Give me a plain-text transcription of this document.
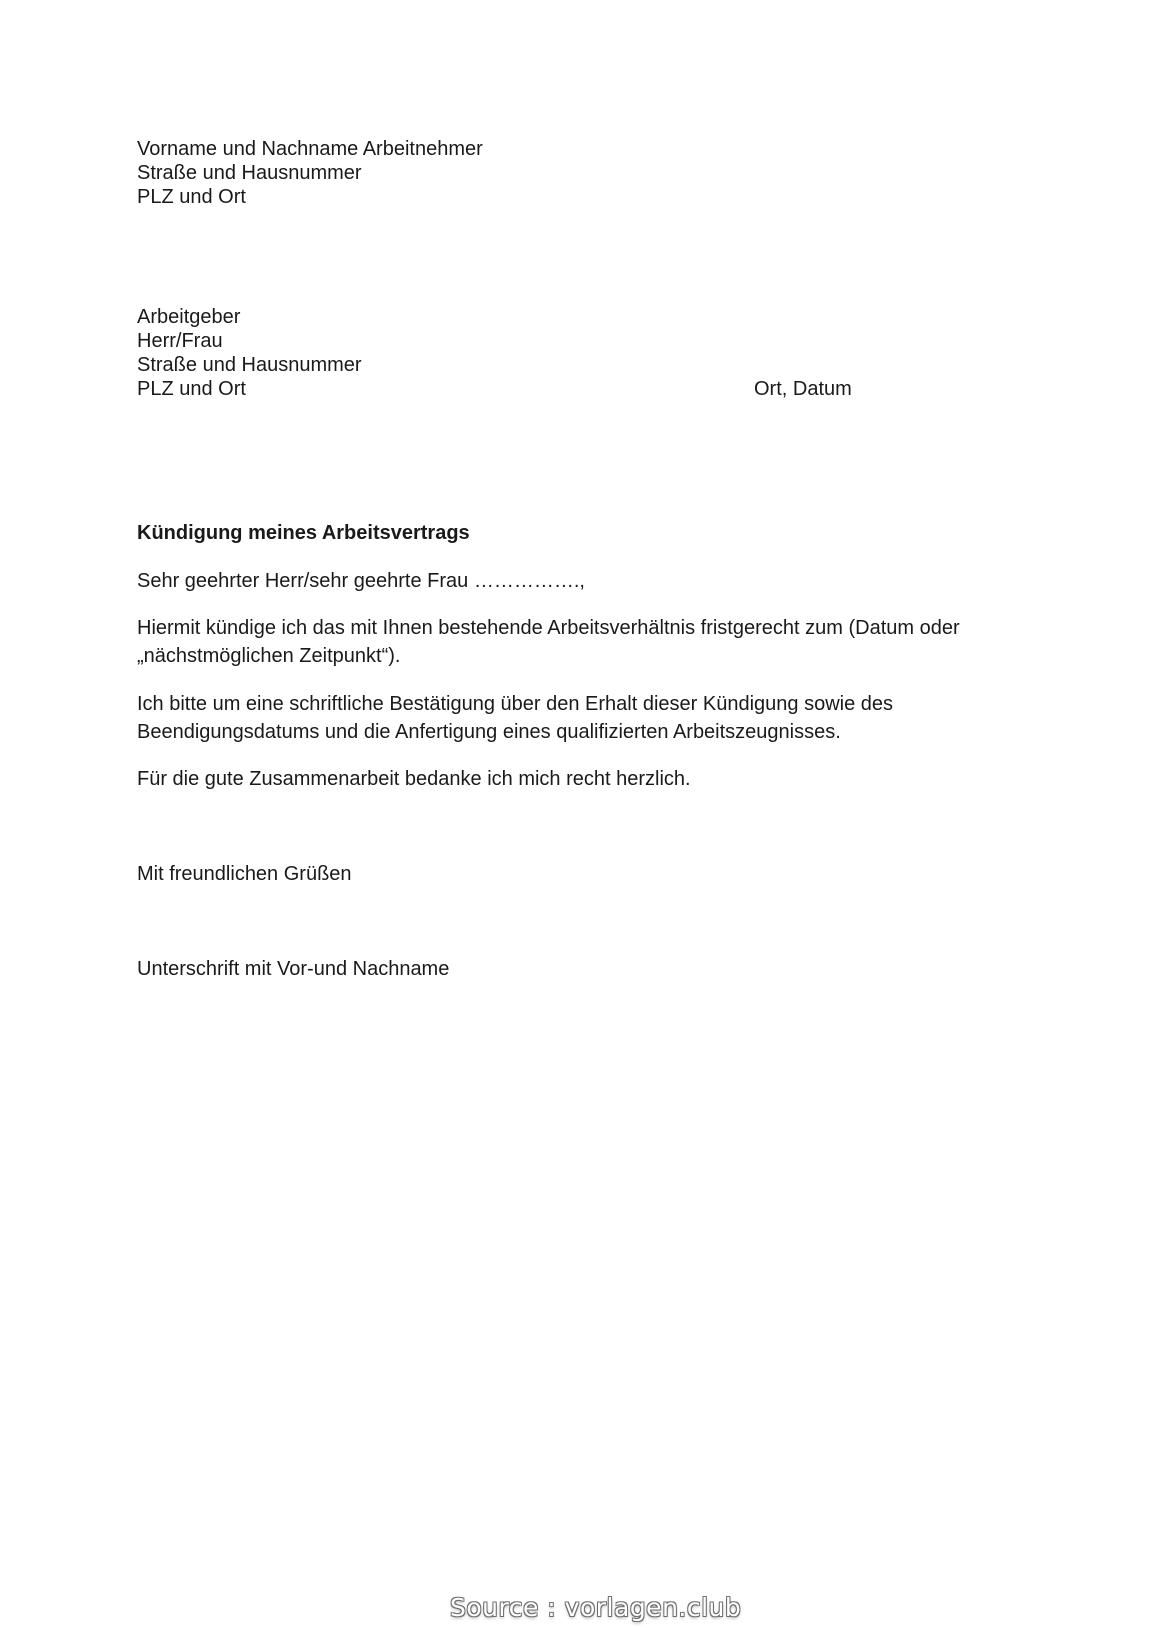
Vorname und Nachname Arbeitnehmer
Straße und Hausnummer
PLZ und Ort
Arbeitgeber
Herr/Frau
Straße und Hausnummer
PLZ und Ort	Ort, Datum
Kündigung meines Arbeitsvertrags
Sehr geehrter Herr/sehr geehrte Frau …………….,
Hiermit kündige ich das mit Ihnen bestehende Arbeitsverhältnis fristgerecht zum (Datum oder
„nächstmöglichen Zeitpunkt“).
Ich bitte um eine schriftliche Bestätigung über den Erhalt dieser Kündigung sowie des
Beendigungsdatums und die Anfertigung eines qualifizierten Arbeitszeugnisses.
Für die gute Zusammenarbeit bedanke ich mich recht herzlich.
Mit freundlichen Grüßen
Unterschrift mit Vor-und Nachname
Source : vorlagen.club
